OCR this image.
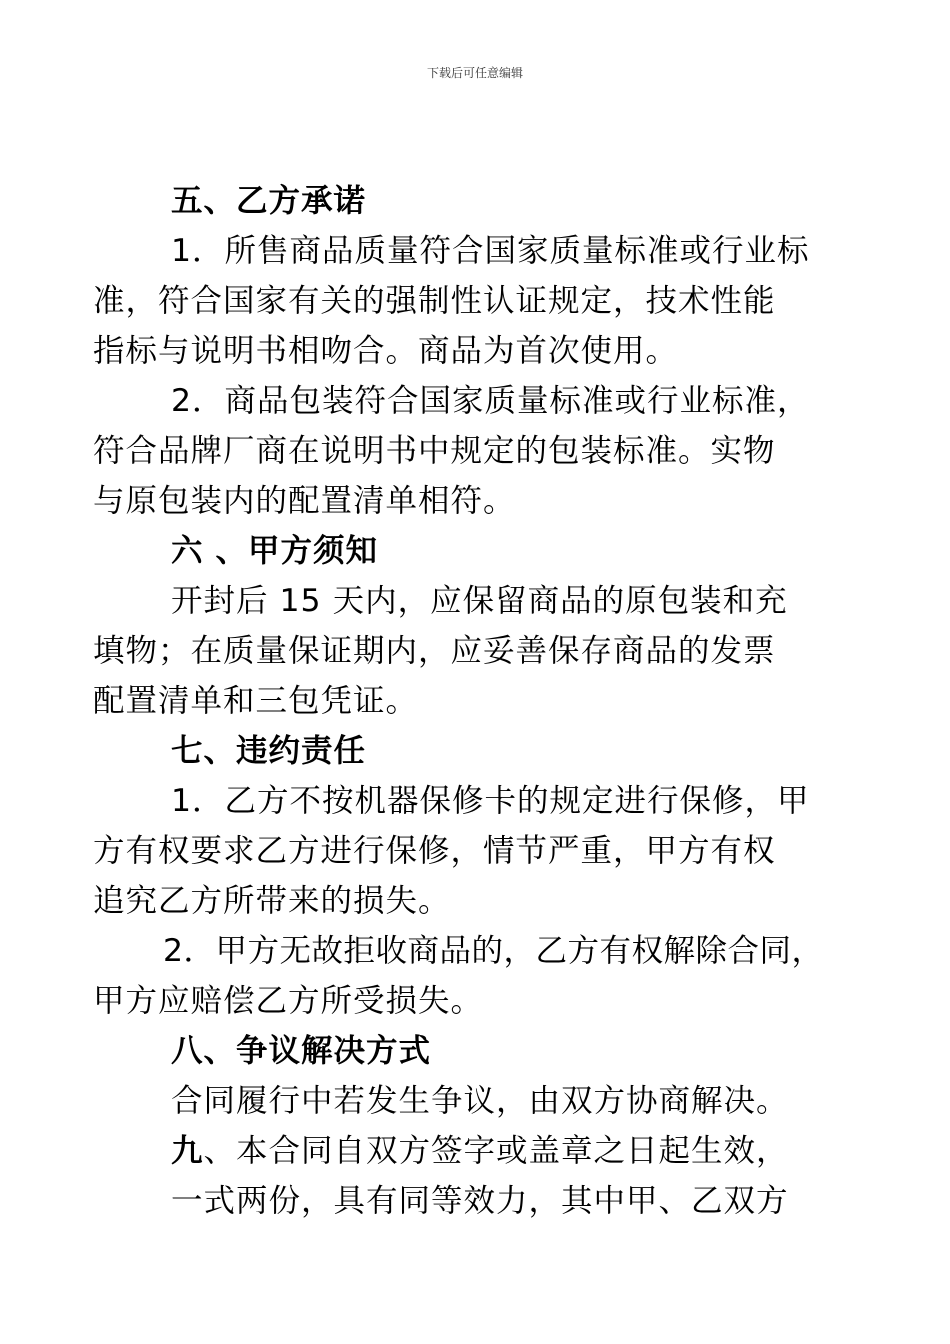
下载后可任意编辑
五、乙方承诺
1．所售商品质量符合国家质量标准或行业标
准，符合国家有关的强制性认证规定，技术性能
指标与说明书相吻合。商品为首次使用。
2．商品包装符合国家质量标准或行业标准，
符合品牌厂商在说明书中规定的包装标准。实物
与原包装内的配置清单相符。
六 、甲方须知
开封后 15 天内，应保留商品的原包装和充
填物；在质量保证期内，应妥善保存商品的发票
配置清单和三包凭证。
七、违约责任
1．乙方不按机器保修卡的规定进行保修，甲
方有权要求乙方进行保修，情节严重，甲方有权
追究乙方所带来的损失。
2．甲方无故拒收商品的，乙方有权解除合同，
甲方应赔偿乙方所受损失。
八、争议解决方式
合同履行中若发生争议，由双方协商解决。
九、本合同自双方签字或盖章之日起生效，
一式两份，具有同等效力，其中甲、乙双方
